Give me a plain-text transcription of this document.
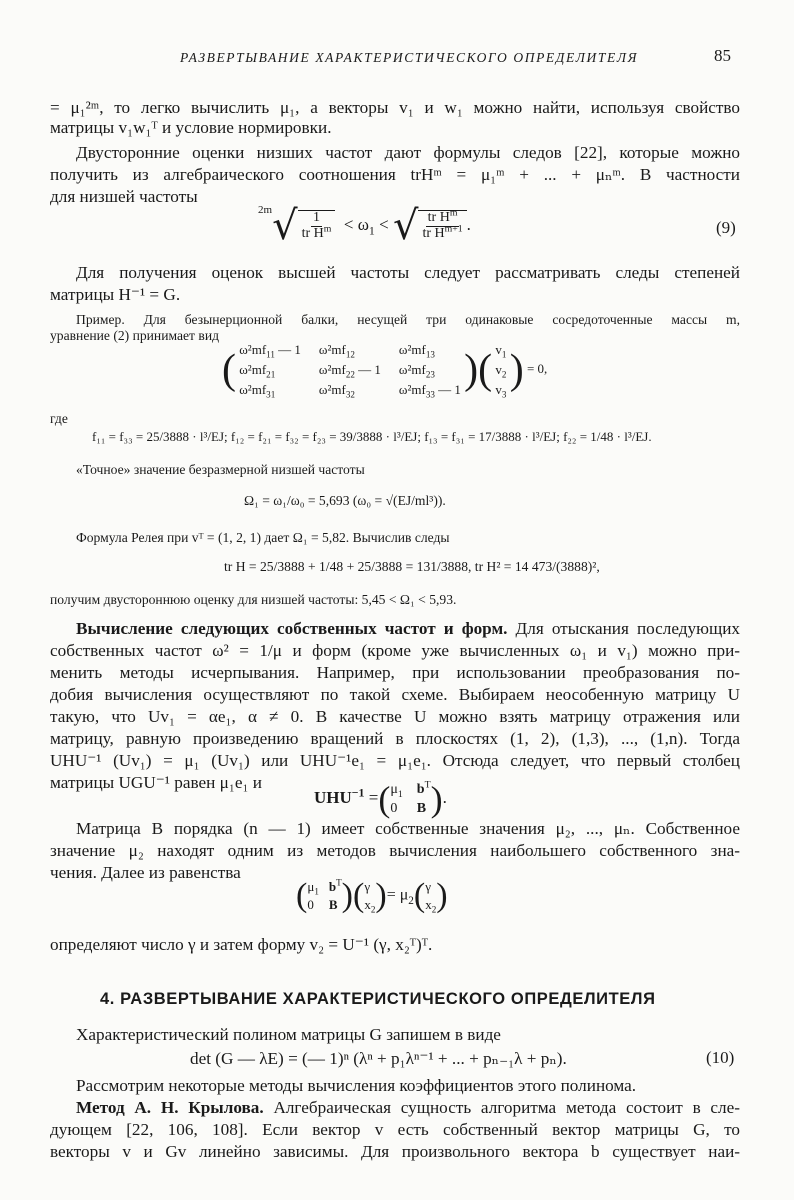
РАЗВЕРТЫВАНИЕ ХАРАКТЕРИСТИЧЕСКОГО ОПРЕДЕЛИТЕЛЯ	85
= μ₁²ᵐ, то легко вычислить μ₁, а векторы v₁ и w₁ можно найти, используя свойство
матрицы v₁w₁ᵀ и условие нормировки.
Двусторонние оценки низших частот дают формулы следов [22], которые можно
получить из алгебраического соотношения trHᵐ = μ₁ᵐ + ... + μₙᵐ. В частности
для низшей частоты
$^{2m}√ \frac{1}{tr H^m} < \omega_1$ < √ $\frac{tr H^m}{tr H^{m+1}}$ .	(9)
Для получения оценок высшей частоты следует рассматривать следы степеней
матрицы H⁻¹ = G.
Пример. Для безынерционной балки, несущей три одинаковые сосредоточенные массы m,
уравнение (2) принимает вид
( $\omega^2mf_{11}$ — 1 $\omega^2mf_{12}$	$\omega^2mf_{13}$
$\omega^2mf_{21}$	$\omega^2mf_{22}$ — 1 $\omega^2mf_{23}$
$\omega^2mf_{31}$	$\omega^2mf_{32}$	$\omega^2mf_{33}$ — 1 )( $v_1$
$v_2$
$v_3$
) = 0,
где
f₁₁ = f₃₃ = 25/3888 · l³/EJ; f₁₂ = f₂₁ = f₃₂ = f₂₃ = 39/3888 · l³/EJ; f₁₃ = f₃₁ = 17/3888 · l³/EJ; f₂₂ = 1/48 · l³/EJ.
«Точное» значение безразмерной низшей частоты
Ω₁ = ω₁/ω₀ = 5,693 (ω₀ = √(EJ/ml³)).
Формула Релея при vᵀ = (1, 2, 1) дает Ω₁ = 5,82. Вычислив следы
tr H = 25/3888 + 1/48 + 25/3888 = 131/3888, tr H² = 14 473/(3888)²,
получим двустороннюю оценку для низшей частоты: 5,45 < Ω₁ < 5,93.
Вычисление следующих собственных частот и форм. Для отыскания последующих
собственных частот ω² = 1/μ и форм (кроме уже вычисленных ω₁ и v₁) можно при-
менить методы исчерпывания. Например, при использовании преобразования по-
добия вычисления осуществляют по такой схеме. Выбираем неособенную матрицу U
такую, что Uv₁ = αe₁, α ≠ 0. В качестве U можно взять матрицу отражения или
матрицу, равную произведению вращений в плоскостях (1, 2), (1,3), ..., (1,n). Тогда
UHU⁻¹ (Uv₁) = μ₁ (Uv₁) или UHU⁻¹e₁ = μ₁e₁. Отсюда следует, что первый столбец
матрицы UGU⁻¹ равен μ₁e₁ и
$UHU^{-1}$ =( $\mu_1$ $b^T$
0	B ).
Матрица B порядка (n — 1) имеет собственные значения μ₂, ..., μₙ. Собственное
значение μ₂ находят одним из методов вычисления наибольшего собственного зна-
чения. Далее из равенства
( $\mu_1$ $b^T$
0	B )( γ
$x_2$ )= $\mu_2$( γ
$x_2$ )
определяют число γ и затем форму v₂ = U⁻¹ (γ, x₂ᵀ)ᵀ.
4. РАЗВЕРТЫВАНИЕ ХАРАКТЕРИСТИЧЕСКОГО ОПРЕДЕЛИТЕЛЯ
Характеристический полином матрицы G запишем в виде
det (G — λE) = (— 1)ⁿ (λⁿ + p₁λⁿ⁻¹ + ... + pₙ₋₁λ + pₙ).	(10)
Рассмотрим некоторые методы вычисления коэффициентов этого полинома.
Метод А. Н. Крылова. Алгебраическая сущность алгоритма метода состоит в сле-
дующем [22, 106, 108]. Если вектор v есть собственный вектор матрицы G, то
векторы v и Gv линейно зависимы. Для произвольного вектора b существует наи-
